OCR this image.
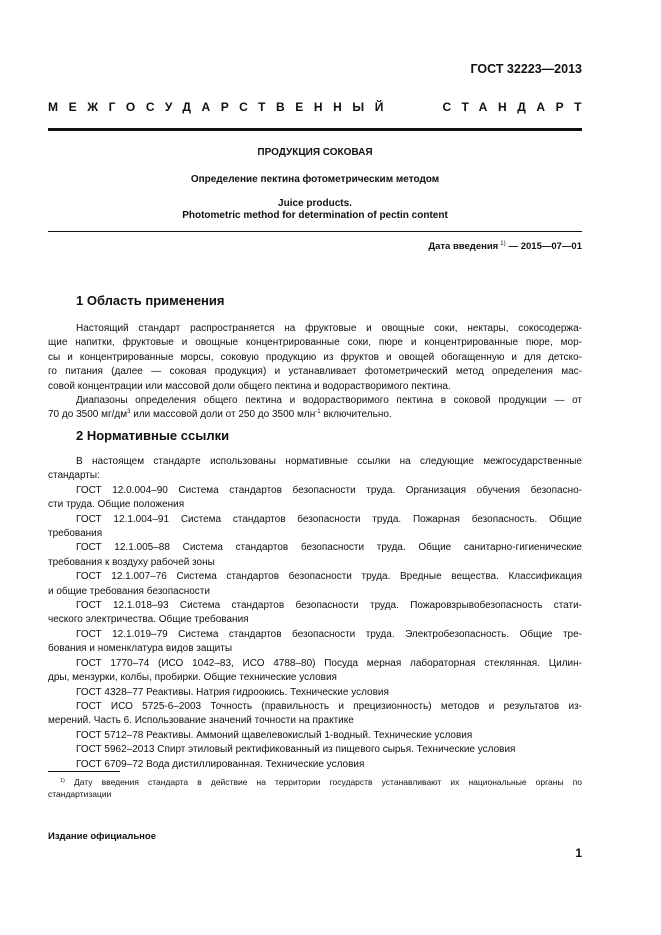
ГОСТ 32223—2013
МЕЖГОСУДАРСТВЕННЫЙ	СТАНДАРТ
ПРОДУКЦИЯ СОКОВАЯ
Определение пектина фотометрическим методом
Juice products.
Photometric method for determination of pectin content
Дата введения $^{1)}$ — 2015—07—01
1 Область применения

Настоящий стандарт распространяется на фруктовые и овощные соки, нектары, сокосодержа-

щие напитки, фруктовые и овощные концентрированные соки, пюре и концентрированные пюре, мор-

сы и концентрированные морсы, соковую продукцию из фруктов и овощей обогащенную и для детско-

го питания (далее — соковая продукция) и устанавливает фотометрический метод определения мас-

совой концентрации или массовой доли общего пектина и водорастворимого пектина.

Диапазоны определения общего пектина и водорастворимого пектина в соковой продукции — от

70 до 3500 $мг/дм^3$ или массовой доли от 250 до 3500 млн$^{-1}$ включительно.

2 Нормативные ссылки

В настоящем стандарте использованы нормативные ссылки на следующие межгосударственные

стандарты:

ГОСТ 12.0.004–90 Система стандартов безопасности труда. Организация обучения безопасно-

сти труда. Общие положения

ГОСТ 12.1.004–91 Система стандартов безопасности труда. Пожарная безопасность. Общие

требования

ГОСТ 12.1.005–88 Система стандартов безопасности труда. Общие санитарно-гигиенические

требования к воздуху рабочей зоны

ГОСТ 12.1.007–76 Система стандартов безопасности труда. Вредные вещества. Классификация

и общие требования безопасности

ГОСТ 12.1.018–93 Система стандартов безопасности труда. Пожаровзрывобезопасность стати-

ческого электричества. Общие требования

ГОСТ 12.1.019–79 Система стандартов безопасности труда. Электробезопасность. Общие тре-

бования и номенклатура видов защиты

ГОСТ 1770–74 (ИСО 1042–83, ИСО 4788–80) Посуда мерная лабораторная стеклянная. Цилин-

дры, мензурки, колбы, пробирки. Общие технические условия

ГОСТ 4328–77 Реактивы. Натрия гидроокись. Технические условия

ГОСТ ИСО 5725-6–2003 Точность (правильность и прецизионность) методов и результатов из-

мерений. Часть 6. Использование значений точности на практике

ГОСТ 5712–78 Реактивы. Аммоний щавелевокислый 1-водный. Технические условия

ГОСТ 5962–2013 Спирт этиловый ректификованный из пищевого сырья. Технические условия

ГОСТ 6709–72 Вода дистиллированная. Технические условия

$^{1)}$ Дату введения стандарта в действие на территории государств устанавливают их национальные органы по

стандартизации

Издание официальное
1
